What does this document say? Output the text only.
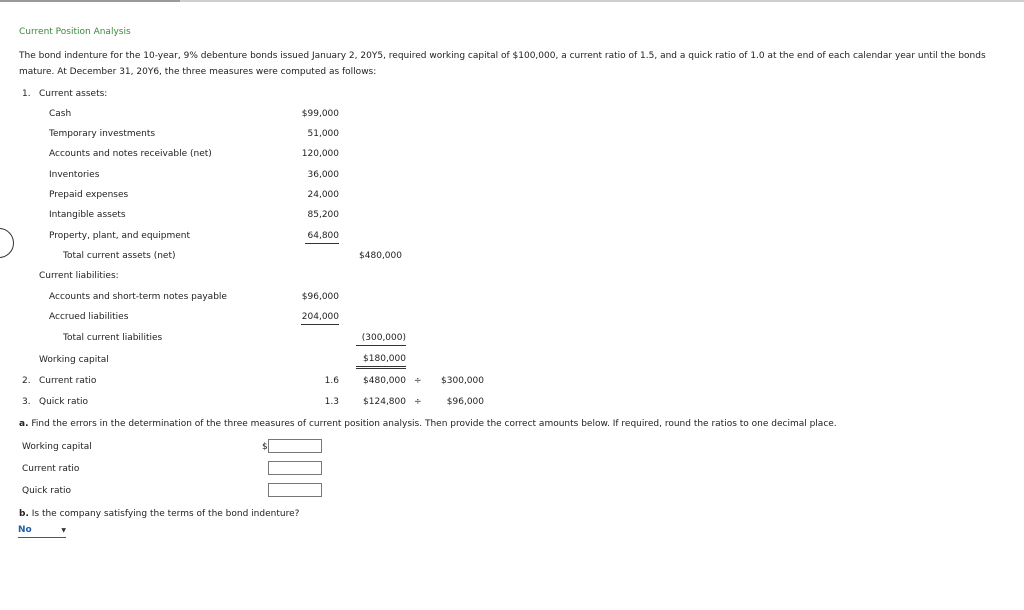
Current Position Analysis
The bond indenture for the 10-year, 9% debenture bonds issued January 2, 20Y5, required working capital of $100,000, a current ratio of 1.5, and a quick ratio of 1.0 at the end of each calendar year until the bonds
mature. At December 31, 20Y6, the three measures were computed as follows:
1. Current assets:
Cash	$99,000
Temporary investments	51,000
Accounts and notes receivable (net)	120,000
Inventories	36,000
Prepaid expenses	24,000
Intangible assets	85,200
Property, plant, and equipment	64,800
Total current assets (net)	$480,000
Current liabilities:
Accounts and short-term notes payable	$96,000
Accrued liabilities	204,000
Total current liabilities	(300,000)
Working capital	$180,000
2. Current ratio	1.6	$480,000 ÷ $300,000
3. Quick ratio	1.3	$124,800 ÷	$96,000
a. Find the errors in the determination of the three measures of current position analysis. Then provide the correct amounts below. If required, round the ratios to one decimal place.
Working capital	$
Current ratio
Quick ratio
b. Is the company satisfying the terms of the bond indenture?
No	▼
